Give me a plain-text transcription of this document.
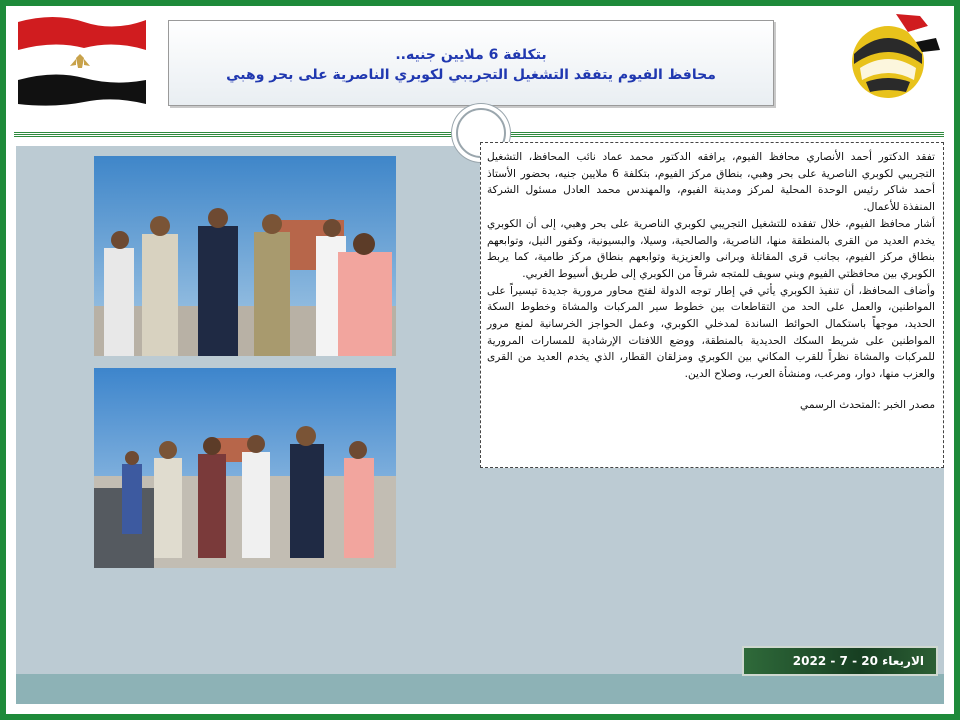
بتكلفة 6 ملايين جنيه..
محافظ الفيوم يتفقد التشغيل التجريبي لكوبري الناصرية على بحر وهبي

تفقد الدكتور أحمد الأنصاري محافظ الفيوم، يرافقه الدكتور محمد عماد نائب المحافظ، التشغيل التجريبي لكوبري الناصرية على بحر وهبي، بنطاق مركز الفيوم، بتكلفة 6 ملايين جنيه، بحضور الأستاذ أحمد شاكر رئيس الوحدة المحلية لمركز ومدينة الفيوم، والمهندس محمد العادل مسئول الشركة المنفذة للأعمال.

أشار محافظ الفيوم، خلال تفقده للتشغيل التجريبي لكوبري الناصرية على بحر وهبي، إلى أن الكوبري يخدم العديد من القرى بالمنطقة منها، الناصرية، والصالحية، وسيلا، والبسيونية، وكفور النيل، وتوابعهم بنطاق مركز الفيوم، بجانب قرى المقاتلة وبرانى والعزيزية وتوابعهم بنطاق مركز طامية، كما يربط الكوبري بين محافظتي الفيوم وبني سويف للمتجه شرقاً من الكوبري إلى طريق أسيوط الغربي.

وأضاف المحافظ، أن تنفيذ الكوبري يأتي في إطار توجه الدولة لفتح محاور مرورية جديدة تيسيراً على المواطنين، والعمل على الحد من التقاطعات بين خطوط سير المركبات والمشاة وخطوط السكة الحديد، موجهاً باستكمال الحوائط الساندة لمدخلي الكوبري، وعمل الحواجز الخرسانية لمنع مرور المواطنين على شريط السكك الحديدية بالمنطقة، ووضع اللافتات الإرشادية للمسارات المرورية للمركبات والمشاة نظراً للقرب المكاني بين الكوبري ومزلقان القطار، الذي يخدم العديد من القرى والعزب منها، دوار، ومرعب، ومنشأة العرب، وصلاح الدين.

مصدر الخبر :المتحدث الرسمي

الاربعاء 20 - 7 - 2022
